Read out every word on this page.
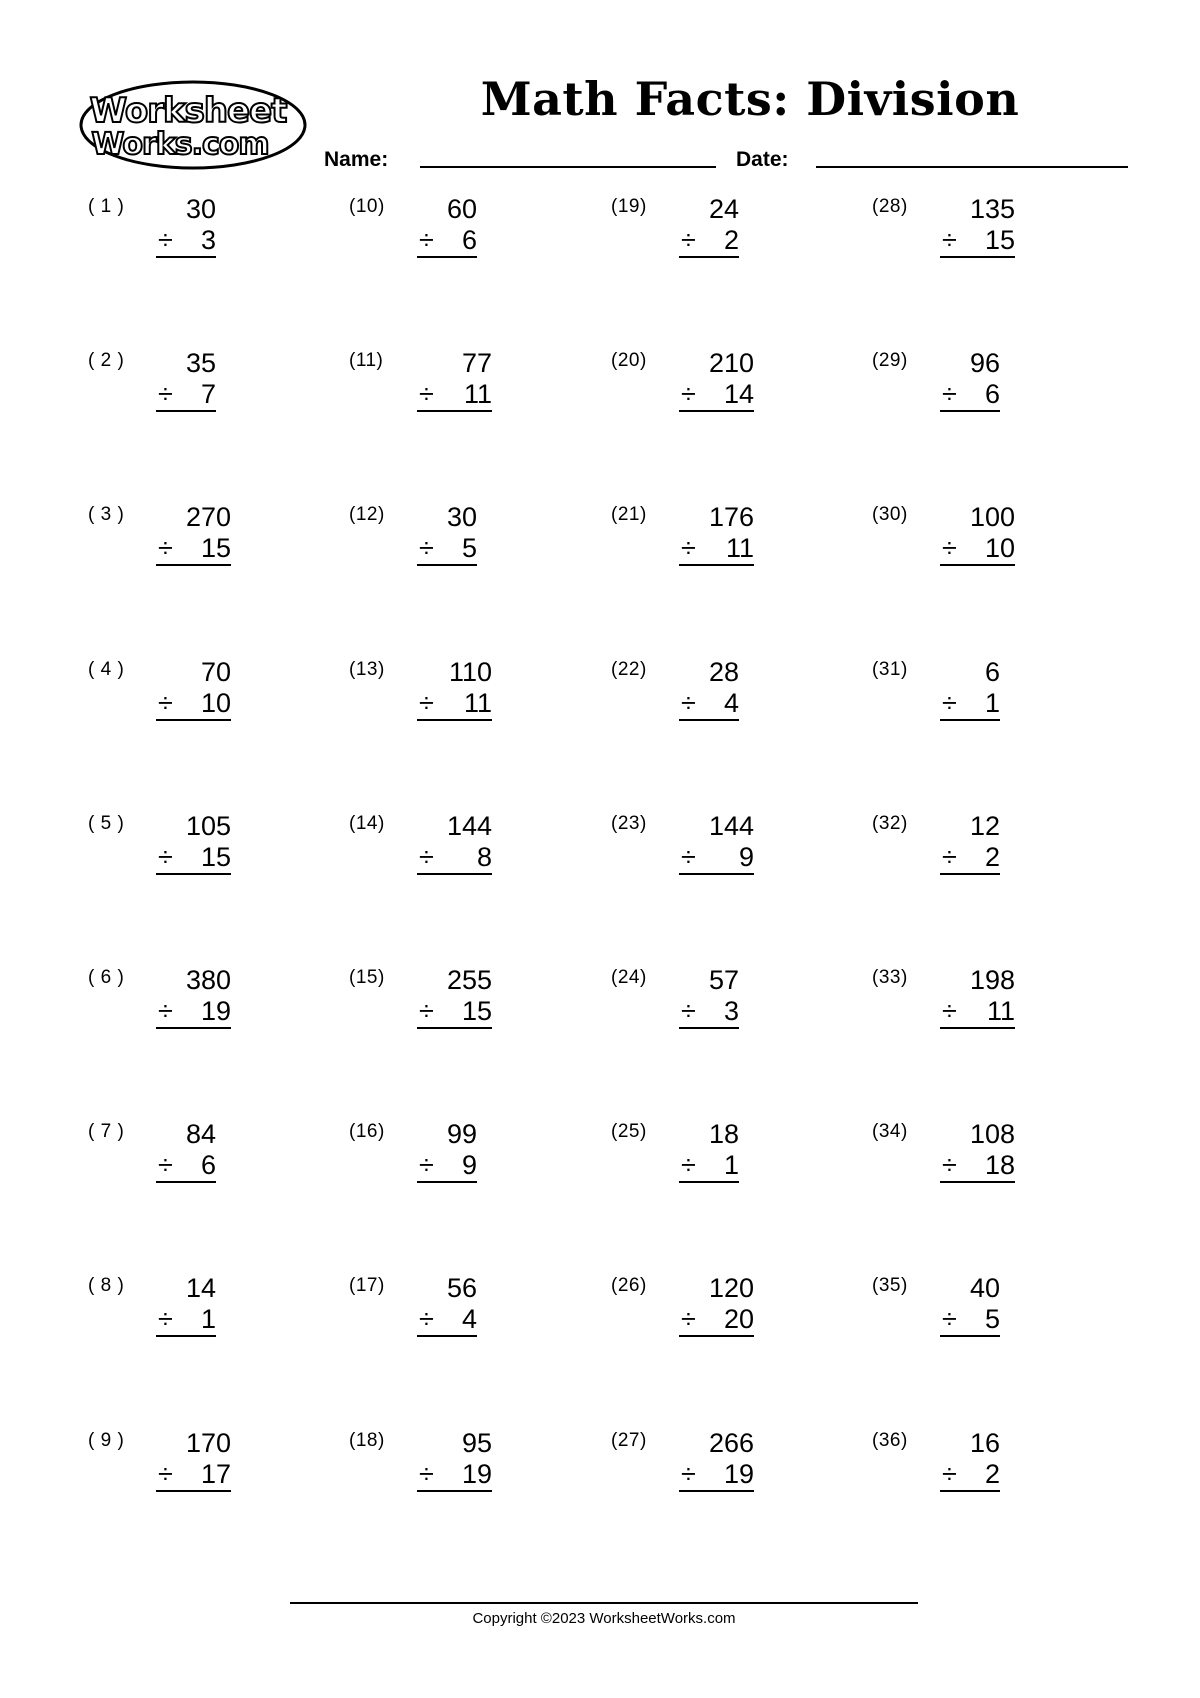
Worksheet
Works.com
Math Facts: Division
Name:	Date:
( 1 )	30
÷ 3
( 2 )	35
÷ 7
( 3 )	270
÷ 15
( 4 )	70
÷ 10
( 5 )	105
÷ 15
( 6 )	380
÷ 19
( 7 )	84
÷ 6
( 8 )	14
÷ 1
( 9 )	170
÷ 17
(10)	60
÷ 6
(11)	77
÷ 11
(12)	30
÷ 5
(13)	110
÷ 11
(14)	144
÷ 8
(15)	255
÷ 15
(16)	99
÷ 9
(17)	56
÷ 4
(18)	95
÷ 19
(19)	24
÷ 2
(20)	210
÷ 14
(21)	176
÷ 11
(22)	28
÷ 4
(23)	144
÷ 9
(24)	57
÷ 3
(25)	18
÷ 1
(26)	120
÷ 20
(27)	266
÷ 19
(28)	135
÷ 15
(29)	96
÷ 6
(30)	100
÷ 10
(31)	6
÷ 1
(32)	12
÷ 2
(33)	198
÷ 11
(34)	108
÷ 18
(35)	40
÷ 5
(36)	16
÷ 2
Copyright ©2023 WorksheetWorks.com
